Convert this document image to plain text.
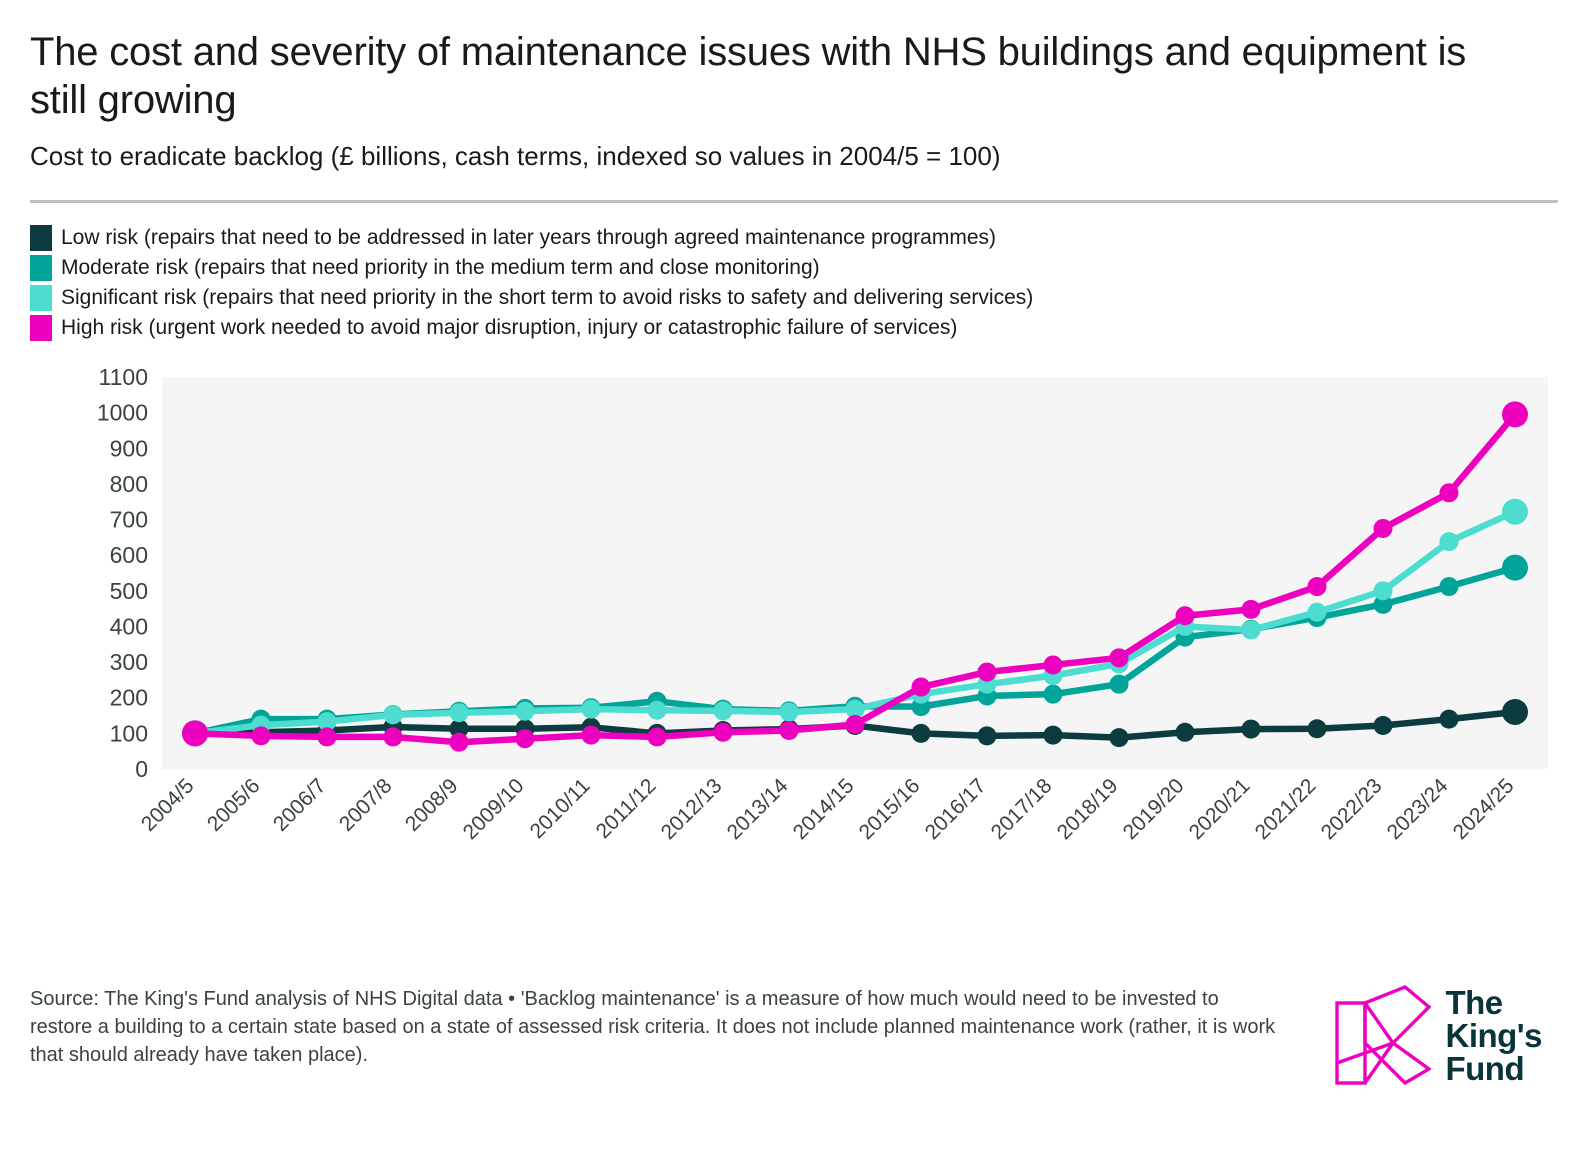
The cost and severity of maintenance issues with NHS buildings and equipment is still growing
Cost to eradicate backlog (£ billions, cash terms, indexed so values in 2004/5 = 100)
Low risk (repairs that need to be addressed in later years through agreed maintenance programmes)
Moderate risk (repairs that need priority in the medium term and close monitoring)
Significant risk (repairs that need priority in the short term to avoid risks to safety and delivering services)
High risk (urgent work needed to avoid major disruption, injury or catastrophic failure of services)
0
100
200
300
400
500
600
700
800
900
1000
1100
2004/5 2005/6 2006/7 2007/8 2008/9
2009/10
2010/11
2011/12
2012/13
2013/14
2014/15
2015/16
2016/17
2017/18
2018/19
2019/20
2020/21
2021/22
2022/23
2023/24
2024/25
Source: The King's Fund analysis of NHS Digital data • 'Backlog maintenance' is a measure of how much would need to be invested to restore a building to a certain state based on a state of assessed risk criteria. It does not include planned maintenance work (rather, it is work that should already have taken place).
The
King's
Fund
